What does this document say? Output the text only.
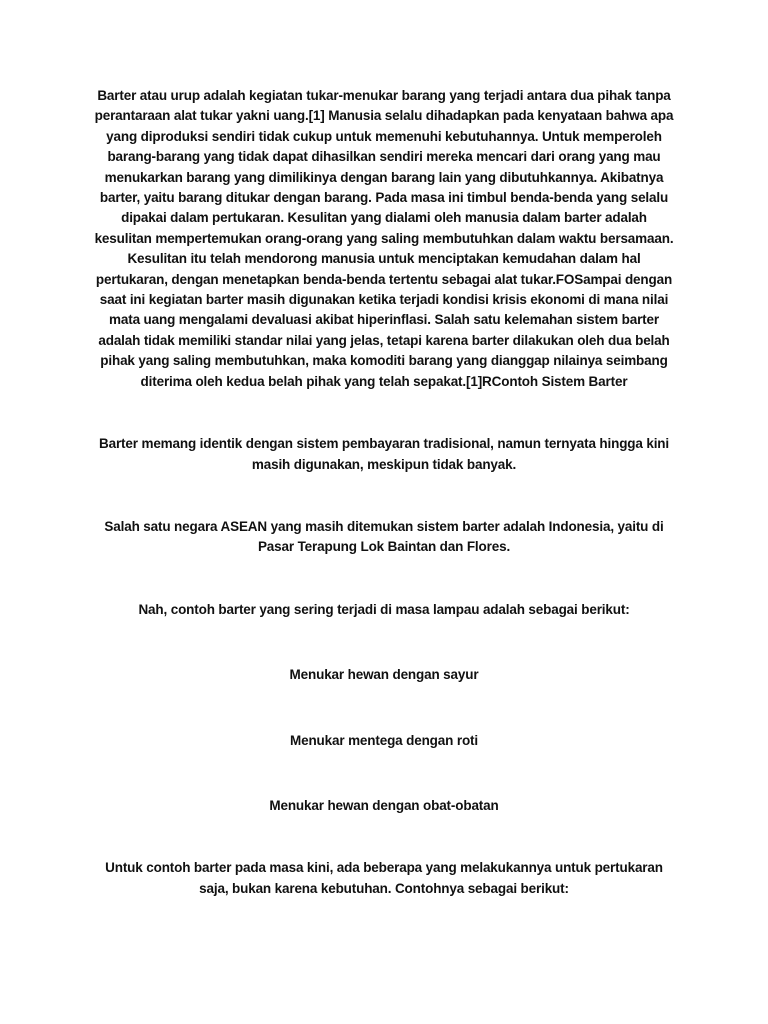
Barter atau urup adalah kegiatan tukar-menukar barang yang terjadi antara dua pihak tanpa perantaraan alat tukar yakni uang.[1] Manusia selalu dihadapkan pada kenyataan bahwa apa yang diproduksi sendiri tidak cukup untuk memenuhi kebutuhannya. Untuk memperoleh barang-barang yang tidak dapat dihasilkan sendiri mereka mencari dari orang yang mau menukarkan barang yang dimilikinya dengan barang lain yang dibutuhkannya. Akibatnya barter, yaitu barang ditukar dengan barang. Pada masa ini timbul benda-benda yang selalu dipakai dalam pertukaran. Kesulitan yang dialami oleh manusia dalam barter adalah kesulitan mempertemukan orang-orang yang saling membutuhkan dalam waktu bersamaan. Kesulitan itu telah mendorong manusia untuk menciptakan kemudahan dalam hal pertukaran, dengan menetapkan benda-benda tertentu sebagai alat tukar.FOSampai dengan saat ini kegiatan barter masih digunakan ketika terjadi kondisi krisis ekonomi di mana nilai mata uang mengalami devaluasi akibat hiperinflasi. Salah satu kelemahan sistem barter adalah tidak memiliki standar nilai yang jelas, tetapi karena barter dilakukan oleh dua belah pihak yang saling membutuhkan, maka komoditi barang yang dianggap nilainya seimbang diterima oleh kedua belah pihak yang telah sepakat.[1]RContoh Sistem Barter

Barter memang identik dengan sistem pembayaran tradisional, namun ternyata hingga kini masih digunakan, meskipun tidak banyak.

Salah satu negara ASEAN yang masih ditemukan sistem barter adalah Indonesia, yaitu di Pasar Terapung Lok Baintan dan Flores.

Nah, contoh barter yang sering terjadi di masa lampau adalah sebagai berikut:

Menukar hewan dengan sayur

Menukar mentega dengan roti

Menukar hewan dengan obat-obatan

Untuk contoh barter pada masa kini, ada beberapa yang melakukannya untuk pertukaran saja, bukan karena kebutuhan. Contohnya sebagai berikut:
